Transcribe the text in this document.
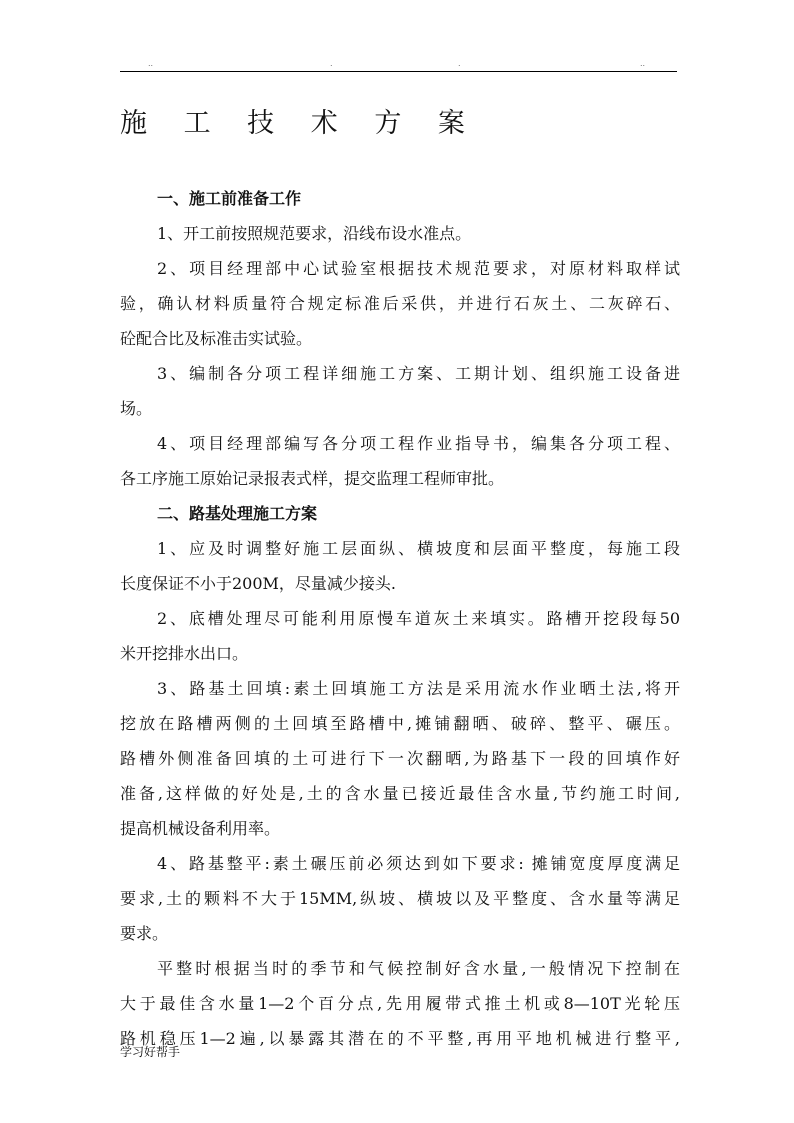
..	.	.	..
施 工 技 术 方 案
一、施工前准备工作
1、开工前按照规范要求，沿线布设水准点。
2、项目经理部中心试验室根据技术规范要求，对原材料取样试
验，确认材料质量符合规定标准后采供，并进行石灰土、二灰碎石、
砼配合比及标准击实试验。
3、编制各分项工程详细施工方案、工期计划、组织施工设备进
场。
4、项目经理部编写各分项工程作业指导书，编集各分项工程、
各工序施工原始记录报表式样，提交监理工程师审批。
二、路基处理施工方案
1、应及时调整好施工层面纵、横坡度和层面平整度，每施工段
长度保证不小于200M，尽量减少接头.
2、底槽处理尽可能利用原慢车道灰土来填实。路槽开挖段每50
米开挖排水出口。
3、路基土回填:素土回填施工方法是采用流水作业晒土法,将开
挖放在路槽两侧的土回填至路槽中,摊铺翻晒、破碎、整平、碾压。
路槽外侧准备回填的土可进行下一次翻晒,为路基下一段的回填作好
准备,这样做的好处是,土的含水量已接近最佳含水量,节约施工时间,
提高机械设备利用率。
4、路基整平:素土碾压前必须达到如下要求: 摊铺宽度厚度满足
要求,土的颗料不大于15MM,纵坡、横坡以及平整度、含水量等满足
要求。
平整时根据当时的季节和气候控制好含水量,一般情况下控制在
大于最佳含水量1—2个百分点,先用履带式推土机或8—10T光轮压
路机稳压1—2遍,以暴露其潜在的不平整,再用平地机械进行整平,
学习好帮手
